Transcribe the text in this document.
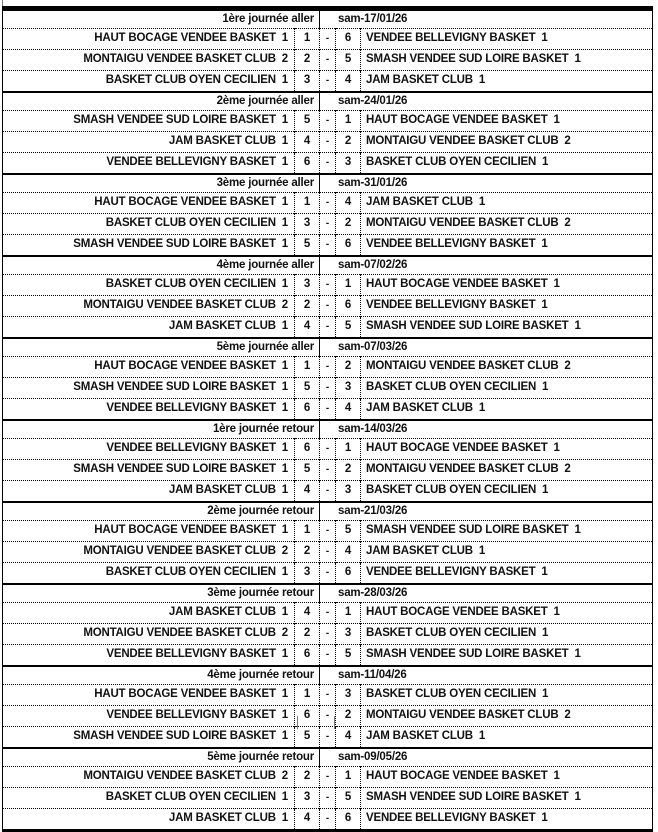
1ère journée aller		sam-17/01/26		
HAUT BOCAGE VENDEE BASKET  1	1	-	6	VENDEE BELLEVIGNY BASKET  1
MONTAIGU VENDEE BASKET CLUB  2	2	-	5	SMASH VENDEE SUD LOIRE BASKET  1
BASKET CLUB OYEN CECILIEN  1	3	-	4	JAM BASKET CLUB  1
2ème journée aller		sam-24/01/26		
SMASH VENDEE SUD LOIRE BASKET  1	5	-	1	HAUT BOCAGE VENDEE BASKET  1
JAM BASKET CLUB  1	4	-	2	MONTAIGU VENDEE BASKET CLUB  2
VENDEE BELLEVIGNY BASKET  1	6	-	3	BASKET CLUB OYEN CECILIEN  1
3ème journée aller		sam-31/01/26		
HAUT BOCAGE VENDEE BASKET  1	1	-	4	JAM BASKET CLUB  1
BASKET CLUB OYEN CECILIEN  1	3	-	2	MONTAIGU VENDEE BASKET CLUB  2
SMASH VENDEE SUD LOIRE BASKET  1	5	-	6	VENDEE BELLEVIGNY BASKET  1
4ème journée aller		sam-07/02/26		
BASKET CLUB OYEN CECILIEN  1	3	-	1	HAUT BOCAGE VENDEE BASKET  1
MONTAIGU VENDEE BASKET CLUB  2	2	-	6	VENDEE BELLEVIGNY BASKET  1
JAM BASKET CLUB  1	4	-	5	SMASH VENDEE SUD LOIRE BASKET  1
5ème journée aller		sam-07/03/26		
HAUT BOCAGE VENDEE BASKET  1	1	-	2	MONTAIGU VENDEE BASKET CLUB  2
SMASH VENDEE SUD LOIRE BASKET  1	5	-	3	BASKET CLUB OYEN CECILIEN  1
VENDEE BELLEVIGNY BASKET  1	6	-	4	JAM BASKET CLUB  1
1ère journée retour		sam-14/03/26		
VENDEE BELLEVIGNY BASKET  1	6	-	1	HAUT BOCAGE VENDEE BASKET  1
SMASH VENDEE SUD LOIRE BASKET  1	5	-	2	MONTAIGU VENDEE BASKET CLUB  2
JAM BASKET CLUB  1	4	-	3	BASKET CLUB OYEN CECILIEN  1
2ème journée retour		sam-21/03/26		
HAUT BOCAGE VENDEE BASKET  1	1	-	5	SMASH VENDEE SUD LOIRE BASKET  1
MONTAIGU VENDEE BASKET CLUB  2	2	-	4	JAM BASKET CLUB  1
BASKET CLUB OYEN CECILIEN  1	3	-	6	VENDEE BELLEVIGNY BASKET  1
3ème journée retour		sam-28/03/26		
JAM BASKET CLUB  1	4	-	1	HAUT BOCAGE VENDEE BASKET  1
MONTAIGU VENDEE BASKET CLUB  2	2	-	3	BASKET CLUB OYEN CECILIEN  1
VENDEE BELLEVIGNY BASKET  1	6	-	5	SMASH VENDEE SUD LOIRE BASKET  1
4ème journée retour		sam-11/04/26		
HAUT BOCAGE VENDEE BASKET  1	1	-	3	BASKET CLUB OYEN CECILIEN  1
VENDEE BELLEVIGNY BASKET  1	6	-	2	MONTAIGU VENDEE BASKET CLUB  2
SMASH VENDEE SUD LOIRE BASKET  1	5	-	4	JAM BASKET CLUB  1
5ème journée retour		sam-09/05/26		
MONTAIGU VENDEE BASKET CLUB  2	2	-	1	HAUT BOCAGE VENDEE BASKET  1
BASKET CLUB OYEN CECILIEN  1	3	-	5	SMASH VENDEE SUD LOIRE BASKET  1
JAM BASKET CLUB  1	4	-	6	VENDEE BELLEVIGNY BASKET  1
